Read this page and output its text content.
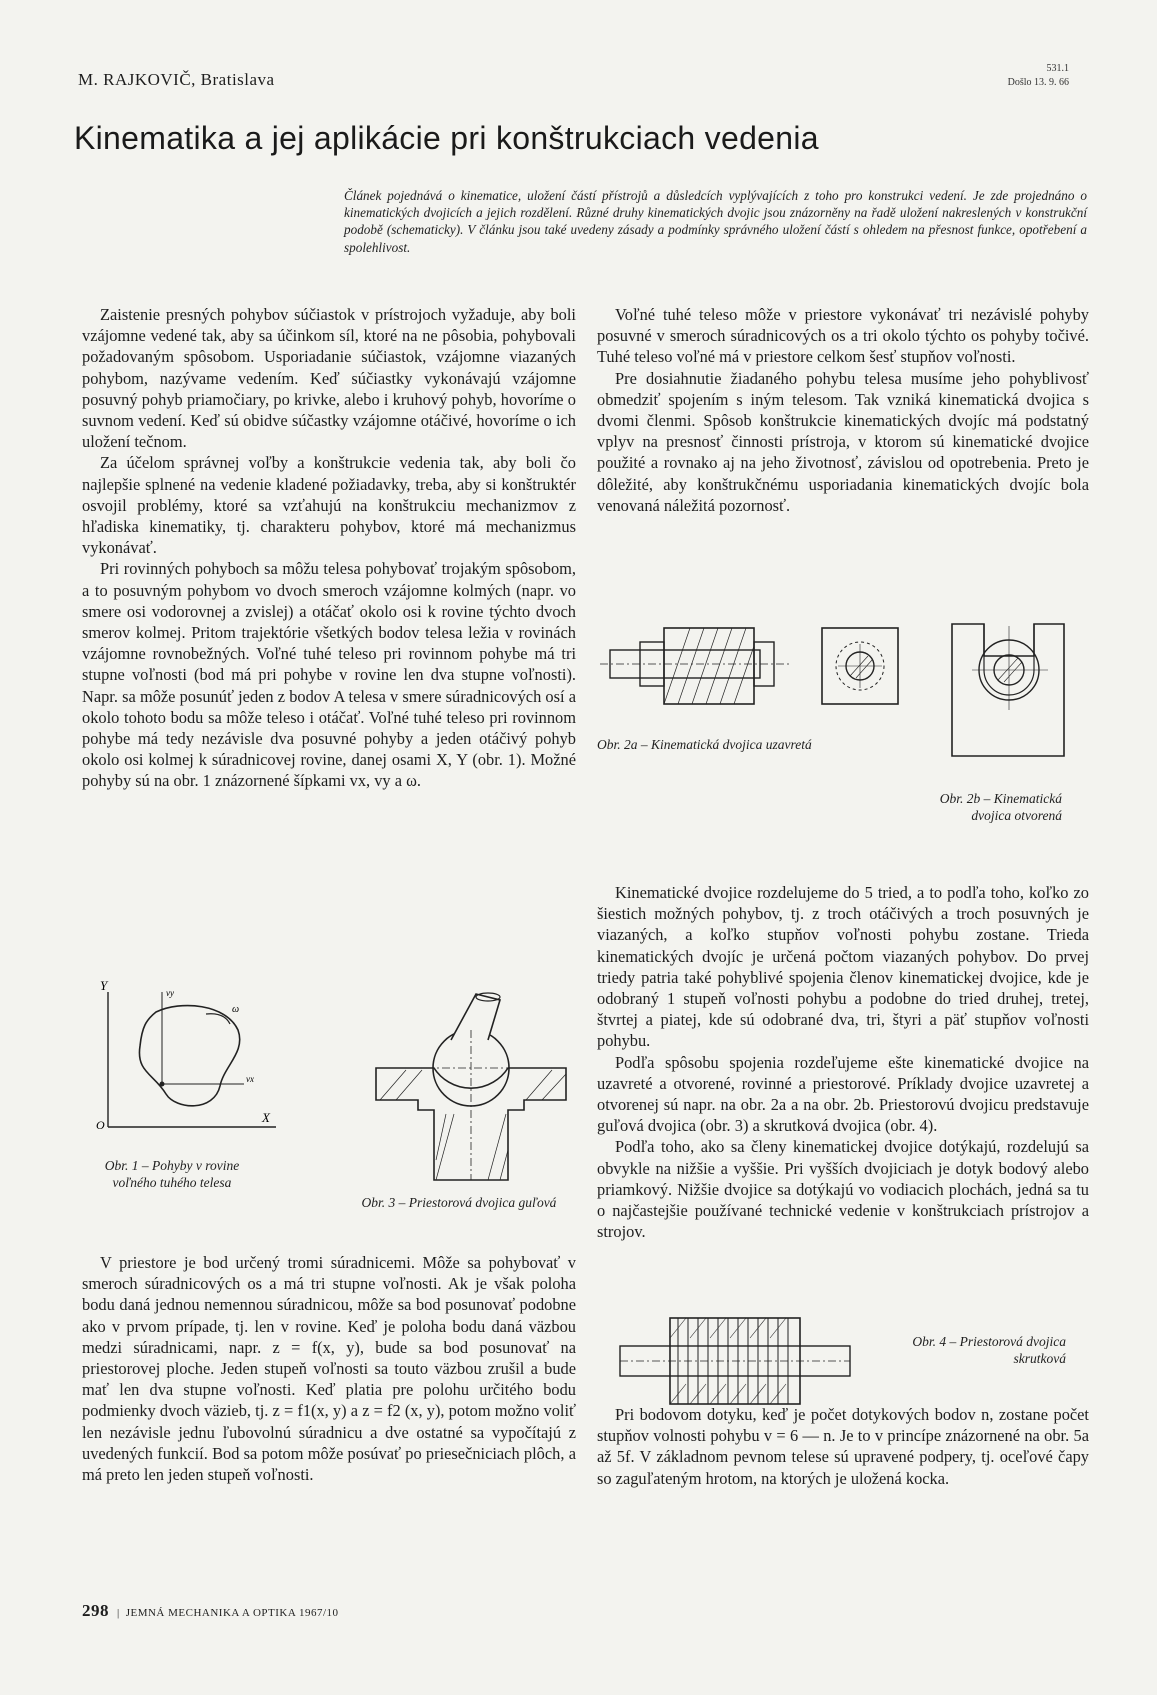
M. RAJKOVIČ, Bratislava
531.1
Došlo 13. 9. 66
Kinematika a jej aplikácie pri konštrukciach vedenia
Článek pojednává o kinematice, uložení částí přístrojů a důsledcích vyplývajících z toho pro konstrukci vedení. Je zde projednáno o kinematických dvojicích a jejich rozdělení. Různé druhy kinematických dvojic jsou znázorněny na řadě uložení nakreslených v konstrukční podobě (schematicky). V článku jsou také uvedeny zásady a podmínky správného uložení částí s ohledem na přesnost funkce, opotřebení a spolehlivost.

Zaistenie presných pohybov súčiastok v prístrojoch vyžaduje, aby boli vzájomne vedené tak, aby sa účinkom síl, ktoré na ne pôsobia, pohybovali požadovaným spôsobom. Usporiadanie súčiastok, vzájomne viazaných pohybom, nazývame vedením. Keď súčiastky vykonávajú vzájomne posuvný pohyb priamočiary, po krivke, alebo i kruhový pohyb, hovoríme o suvnom vedení. Keď sú obidve súčastky vzájomne otáčivé, hovoríme o ich uložení tečnom.

Za účelom správnej voľby a konštrukcie vedenia tak, aby boli čo najlepšie splnené na vedenie kladené požiadavky, treba, aby si konštruktér osvojil problémy, ktoré sa vzťahujú na konštrukciu mechanizmov z hľadiska kinematiky, tj. charakteru pohybov, ktoré má mechanizmus vykonávať.

Pri rovinných pohyboch sa môžu telesa pohybovať trojakým spôsobom, a to posuvným pohybom vo dvoch smeroch vzájomne kolmých (napr. vo smere osi vodorovnej a zvislej) a otáčať okolo osi k rovine týchto dvoch smerov kolmej. Pritom trajektórie všetkých bodov telesa ležia v rovinách vzájomne rovnobežných. Voľné tuhé teleso pri rovinnom pohybe má tri stupne voľnosti (bod má pri pohybe v rovine len dva stupne voľnosti). Napr. sa môže posunúť jeden z bodov A telesa v smere súradnicových osí a okolo tohoto bodu sa môže teleso i otáčať. Voľné tuhé teleso pri rovinnom pohybe má tedy nezávisle dva posuvné pohyby a jeden otáčivý pohyb okolo osi kolmej k súradnicovej rovine, danej osami X, Y (obr. 1). Možné pohyby sú na obr. 1 znázornené šípkami vx, vy a ω.

Voľné tuhé teleso môže v priestore vykonávať tri nezávislé pohyby posuvné v smeroch súradnicových os a tri okolo týchto os pohyby točivé. Tuhé teleso voľné má v priestore celkom šesť stupňov voľnosti.

Pre dosiahnutie žiadaného pohybu telesa musíme jeho pohyblivosť obmedziť spojením s iným telesom. Tak vzniká kinematická dvojica s dvomi členmi. Spôsob konštrukcie kinematických dvojíc má podstatný vplyv na presnosť činnosti prístroja, v ktorom sú kinematické dvojice použité a rovnako aj na jeho životnosť, závislou od opotrebenia. Preto je dôležité, aby konštrukčnému usporiadania kinematických dvojíc bola venovaná náležitá pozornosť.

Y
X
O
vy
vx
ω
Obr. 1 – Pohyby v rovine voľného tuhého telesa
Obr. 3 – Priestorová dvojica guľová
Obr. 2a – Kinematická dvojica uzavretá
Obr. 2b – Kinematická dvojica otvorená

V priestore je bod určený tromi súradnicemi. Môže sa pohybovať v smeroch súradnicových os a má tri stupne voľnosti. Ak je však poloha bodu daná jednou nemennou súradnicou, môže sa bod posunovať podobne ako v prvom prípade, tj. len v rovine. Keď je poloha bodu daná väzbou medzi súradnicami, napr. z = f(x, y), bude sa bod posunovať na priestorovej ploche. Jeden stupeň voľnosti sa touto väzbou zrušil a bude mať len dva stupne voľnosti. Keď platia pre polohu určitého bodu podmienky dvoch väzieb, tj. z = f1(x, y) a z = f2 (x, y), potom možno voliť len nezávisle jednu ľubovolnú súradnicu a dve ostatné sa vypočítajú z uvedených funkcií. Bod sa potom môže posúvať po priesečniciach plôch, a má preto len jeden stupeň voľnosti.

Kinematické dvojice rozdelujeme do 5 tried, a to podľa toho, koľko zo šiestich možných pohybov, tj. z troch otáčivých a troch posuvných je viazaných, a koľko stupňov voľnosti pohybu zostane. Trieda kinematických dvojíc je určená počtom viazaných pohybov. Do prvej triedy patria také pohyblivé spojenia členov kinematickej dvojice, kde je odobraný 1 stupeň voľnosti pohybu a podobne do tried druhej, tretej, štvrtej a piatej, kde sú odobrané dva, tri, štyri a päť stupňov voľnosti pohybu.

Podľa spôsobu spojenia rozdeľujeme ešte kinematické dvojice na uzavreté a otvorené, rovinné a priestorové. Príklady dvojice uzavretej a otvorenej sú napr. na obr. 2a a na obr. 2b. Priestorovú dvojicu predstavuje guľová dvojica (obr. 3) a skrutková dvojica (obr. 4).

Podľa toho, ako sa členy kinematickej dvojice dotýkajú, rozdelujú sa obvykle na nižšie a vyššie. Pri vyšších dvojiciach je dotyk bodový alebo priamkový. Nižšie dvojice sa dotýkajú vo vodiacich plochách, jedná sa tu o najčastejšie používané technické vedenie v konštrukciach prístrojov a strojov.

Obr. 4 – Priestorová dvojica skrutková

Pri bodovom dotyku, keď je počet dotykových bodov n, zostane počet stupňov volnosti pohybu v = 6 — n. Je to v princípe znázornené na obr. 5a až 5f. V základnom pevnom telese sú upravené podpery, tj. oceľové čapy so zaguľateným hrotom, na ktorých je uložená kocka.

298 | JEMNÁ MECHANIKA A OPTIKA 1967/10
